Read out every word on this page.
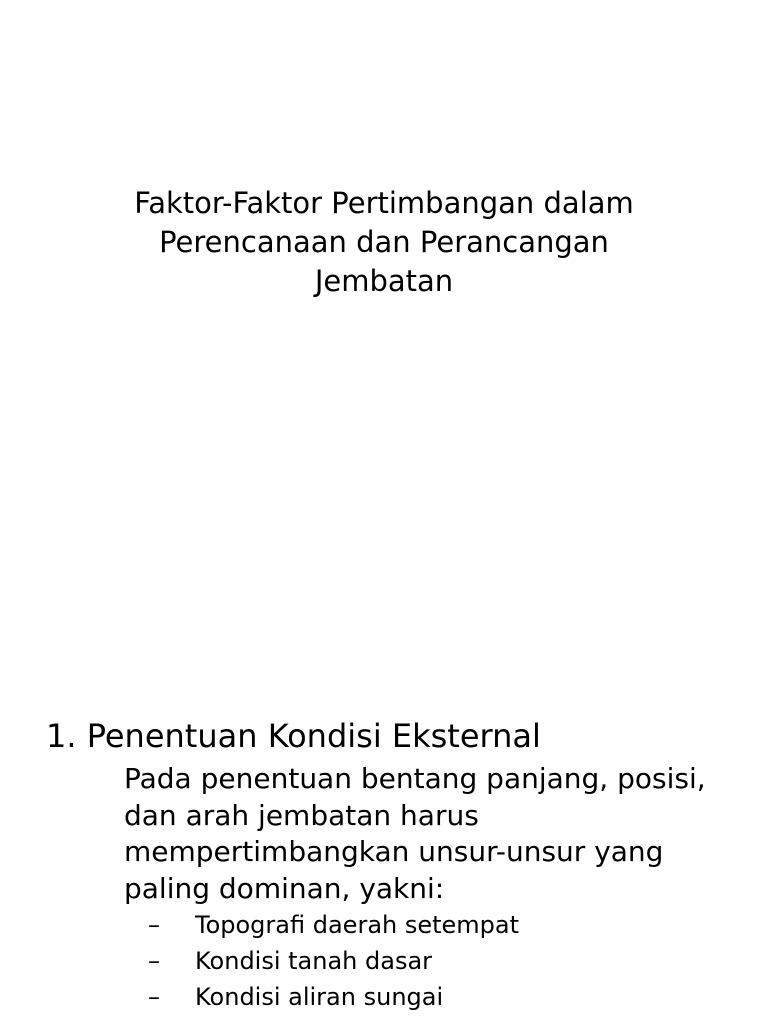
Faktor-Faktor Pertimbangan dalam
Perencanaan dan Perancangan
Jembatan
1. Penentuan Kondisi Eksternal

Pada penentuan bentang panjang, posisi, dan arah jembatan harus mempertimbangkan unsur-unsur yang paling dominan, yakni:

–	Topografi daerah setempat
–	Kondisi tanah dasar
–	Kondisi aliran sungai
